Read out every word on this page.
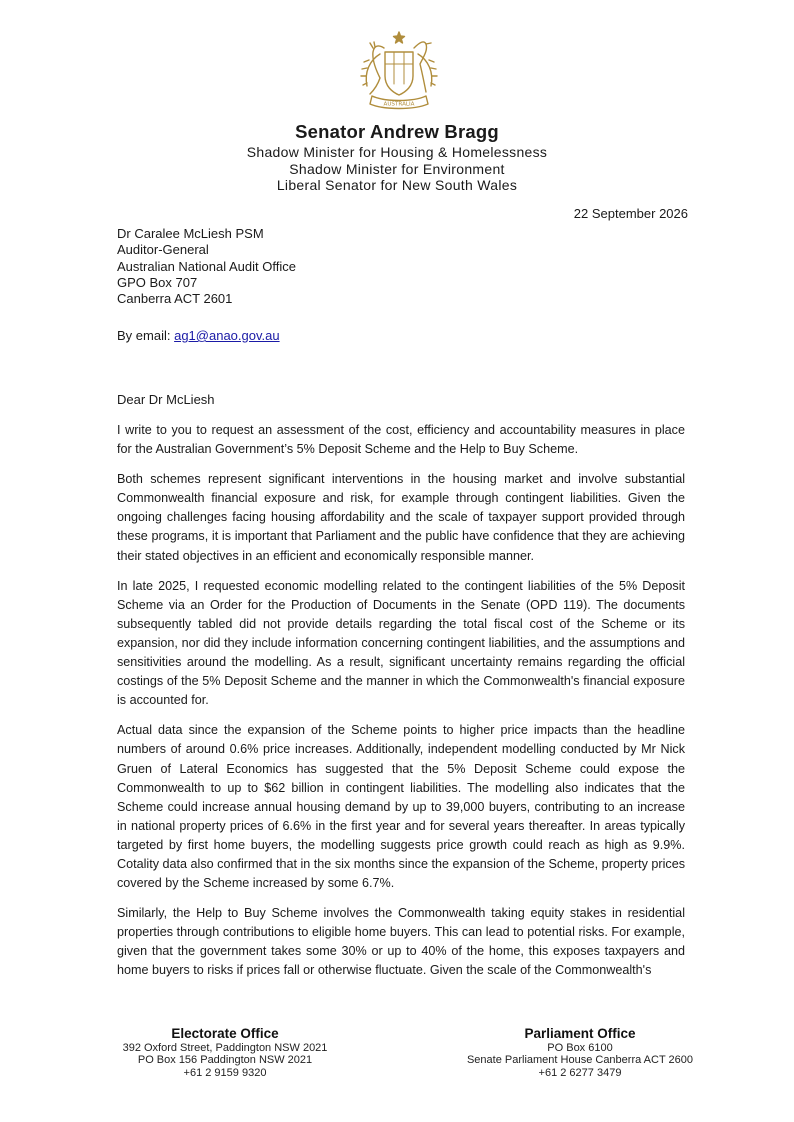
AUSTRALIA
Senator Andrew Bragg
Shadow Minister for Housing & Homelessness
Shadow Minister for Environment
Liberal Senator for New South Wales
22 September 2026
Dr Caralee McLiesh PSM
Auditor-General
Australian National Audit Office
GPO Box 707
Canberra ACT 2601
By email: ag1@anao.gov.au
Dear Dr McLiesh

I write to you to request an assessment of the cost, efficiency and accountability measures in place for the Australian Government’s 5% Deposit Scheme and the Help to Buy Scheme.

Both schemes represent significant interventions in the housing market and involve substantial Commonwealth financial exposure and risk, for example through contingent liabilities. Given the ongoing challenges facing housing affordability and the scale of taxpayer support provided through these programs, it is important that Parliament and the public have confidence that they are achieving their stated objectives in an efficient and economically responsible manner.

In late 2025, I requested economic modelling related to the contingent liabilities of the 5% Deposit Scheme via an Order for the Production of Documents in the Senate (OPD 119). The documents subsequently tabled did not provide details regarding the total fiscal cost of the Scheme or its expansion, nor did they include information concerning contingent liabilities, and the assumptions and sensitivities around the modelling. As a result, significant uncertainty remains regarding the official costings of the 5% Deposit Scheme and the manner in which the Commonwealth's financial exposure is accounted for.

Actual data since the expansion of the Scheme points to higher price impacts than the headline numbers of around 0.6% price increases. Additionally, independent modelling conducted by Mr Nick Gruen of Lateral Economics has suggested that the 5% Deposit Scheme could expose the Commonwealth to up to $62 billion in contingent liabilities. The modelling also indicates that the Scheme could increase annual housing demand by up to 39,000 buyers, contributing to an increase in national property prices of 6.6% in the first year and for several years thereafter. In areas typically targeted by first home buyers, the modelling suggests price growth could reach as high as 9.9%. Cotality data also confirmed that in the six months since the expansion of the Scheme, property prices covered by the Scheme increased by some 6.7%.

Similarly, the Help to Buy Scheme involves the Commonwealth taking equity stakes in residential properties through contributions to eligible home buyers. This can lead to potential risks. For example, given that the government takes some 30% or up to 40% of the home, this exposes taxpayers and home buyers to risks if prices fall or otherwise fluctuate. Given the scale of the Commonwealth's

Electorate Office
392 Oxford Street, Paddington NSW 2021
PO Box 156 Paddington NSW 2021
+61 2 9159 9320
Parliament Office
PO Box 6100
Senate Parliament House Canberra ACT 2600
+61 2 6277 3479
